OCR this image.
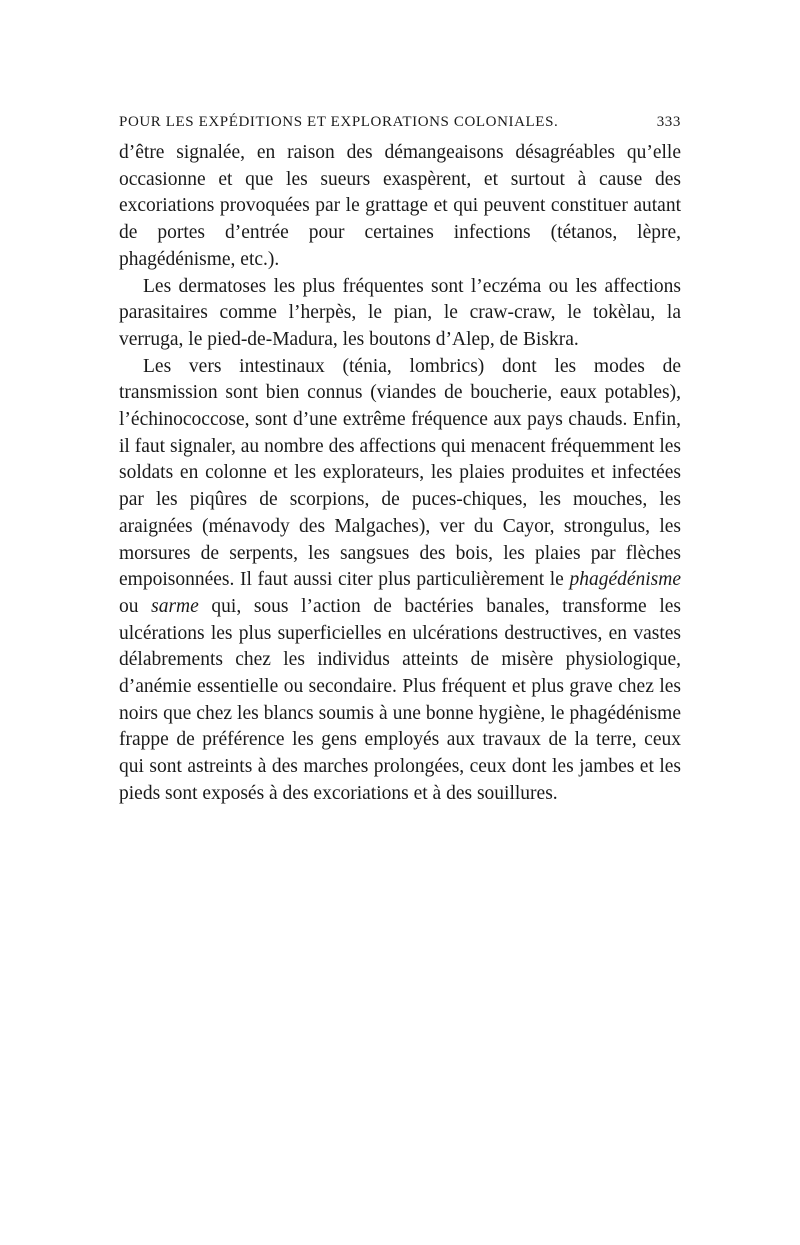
POUR LES EXPÉDITIONS ET EXPLORATIONS COLONIALES.	333

d’être signalée, en raison des démangeaisons désagréables qu’elle occasionne et que les sueurs exaspèrent, et surtout à cause des excoriations provoquées par le grattage et qui peuvent constituer autant de portes d’entrée pour certaines infections (tétanos, lèpre, phagédénisme, etc.).

Les dermatoses les plus fréquentes sont l’eczéma ou les affections parasitaires comme l’herpès, le pian, le craw-craw, le tokèlau, la verruga, le pied-de-Madura, les boutons d’Alep, de Biskra.

Les vers intestinaux (ténia, lombrics) dont les modes de transmission sont bien connus (viandes de boucherie, eaux potables), l’échinococcose, sont d’une extrême fréquence aux pays chauds. Enfin, il faut signaler, au nombre des affections qui menacent fréquemment les soldats en colonne et les explorateurs, les plaies produites et infectées par les piqûres de scorpions, de puces-chiques, les mouches, les araignées (ménavody des Malgaches), ver du Cayor, strongulus, les morsures de serpents, les sangsues des bois, les plaies par flèches empoisonnées. Il faut aussi citer plus particulièrement le phagédénisme ou sarme qui, sous l’action de bactéries banales, transforme les ulcérations les plus superficielles en ulcérations destructives, en vastes délabrements chez les individus atteints de misère physiologique, d’anémie essentielle ou secondaire. Plus fréquent et plus grave chez les noirs que chez les blancs soumis à une bonne hygiène, le phagédénisme frappe de préférence les gens employés aux travaux de la terre, ceux qui sont astreints à des marches prolongées, ceux dont les jambes et les pieds sont exposés à des excoriations et à des souillures.
